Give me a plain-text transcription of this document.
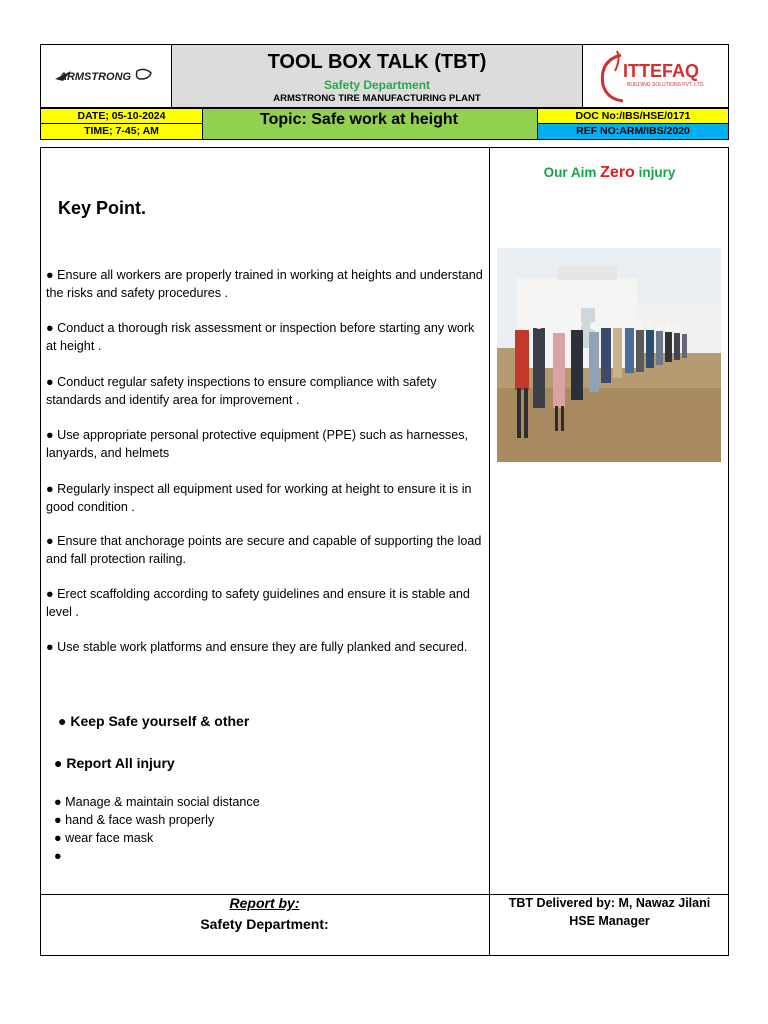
ARMSTRONG
TOOL BOX TALK (TBT)
Safety Department
ARMSTRONG TIRE MANUFACTURING PLANT
ITTEFAQ
BUILDING SOLUTIONS PVT. LTD.
DATE; 05-10-2024
TIME; 7-45; AM
Topic: Safe work at height	DOC No:/IBS/HSE/0171
REF NO:ARM/IBS/2020
Our Aim Zero injury
Key Point.
● Ensure all workers are properly trained in working at heights and understand the risks and safety procedures .
● Conduct a thorough risk assessment or inspection before starting any work at height .
● Conduct regular safety inspections to ensure compliance with safety standards and identify area for improvement .
● Use appropriate personal protective equipment (PPE) such as harnesses, lanyards, and helmets
● Regularly inspect all equipment used for working at height to ensure it is in good condition .
● Ensure that anchorage points are secure and capable of supporting the load and fall protection railing.
● Erect scaffolding according to safety guidelines and ensure it is stable and level .
● Use stable work platforms and ensure they are fully planked and secured.
● Keep Safe yourself & other
● Report All injury
● Manage & maintain social distance
● hand & face wash properly
● wear face mask
●
Report by:
Safety Department:
TBT Delivered by: M, Nawaz Jilani
HSE Manager
